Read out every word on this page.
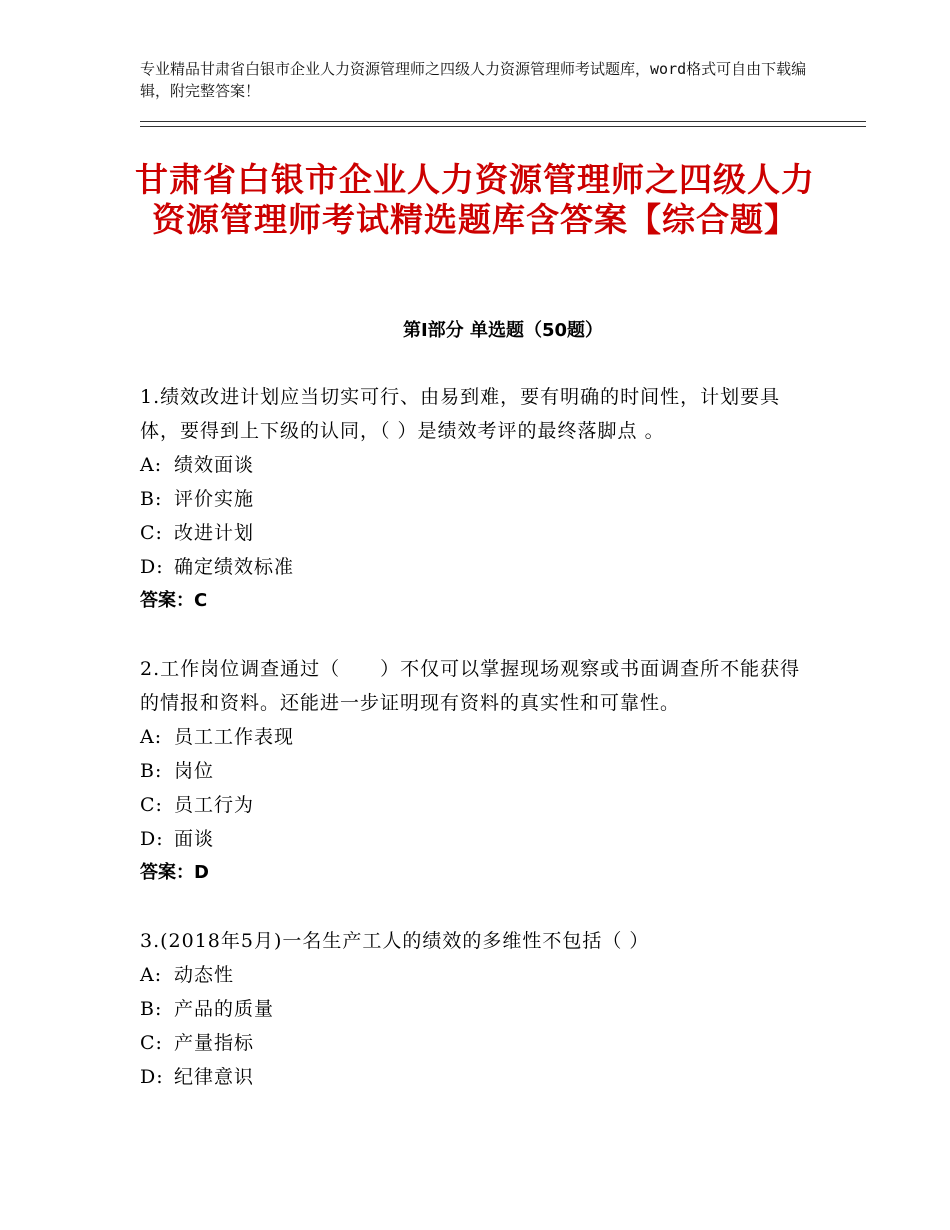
专业精品甘肃省白银市企业人力资源管理师之四级人力资源管理师考试题库，word格式可自由下载编辑，附完整答案！
甘肃省白银市企业人力资源管理师之四级人力资源管理师考试精选题库含答案【综合题】
第Ⅰ部分 单选题（50题）

1.绩效改进计划应当切实可行、由易到难，要有明确的时间性，计划要具体，要得到上下级的认同，（ ）是绩效考评的最终落脚点 。

A: 绩效面谈
B: 评价实施
C: 改进计划
D: 确定绩效标准
答案：C

2.工作岗位调查通过（　　）不仅可以掌握现场观察或书面调查所不能获得的情报和资料。还能进一步证明现有资料的真实性和可靠性。

A: 员工工作表现
B: 岗位
C: 员工行为
D: 面谈
答案：D

3.(2018年5月)一名生产工人的绩效的多维性不包括（ ）

A: 动态性
B: 产品的质量
C: 产量指标
D: 纪律意识
